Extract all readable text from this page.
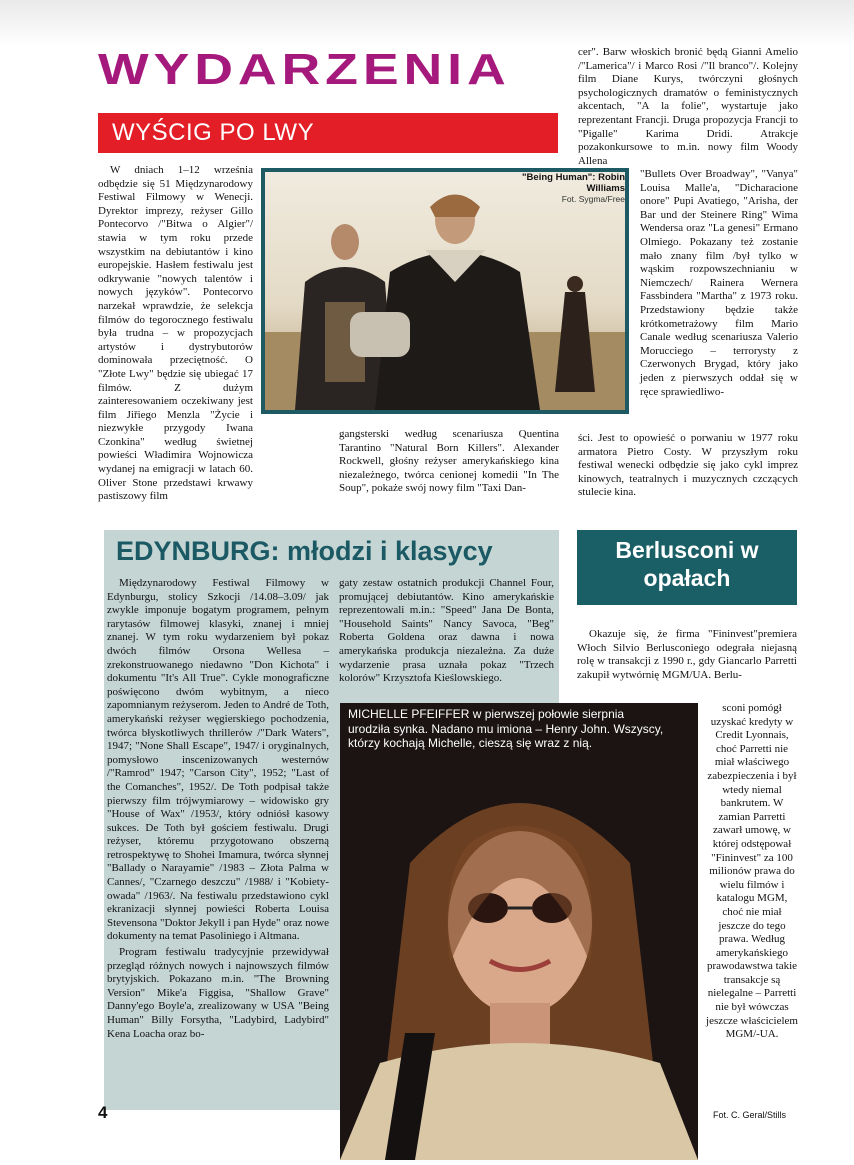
WYDARZENIA
WYŚCIG PO LWY

W dniach 1–12 września odbędzie się 51 Międzynarodowy Festiwal Filmowy w Wenecji. Dyrektor imprezy, reżyser Gillo Pontecorvo /"Bitwa o Algier"/ stawia w tym roku przede wszystkim na debiutantów i kino europejskie. Hasłem festiwalu jest odkrywanie "nowych talentów i nowych języków". Pontecorvo narzekał wprawdzie, że selekcja filmów do tegorocznego festiwalu była trudna – w propozycjach artystów i dystrybutorów dominowała przeciętność. O "Złote Lwy" będzie się ubiegać 17 filmów. Z dużym zainteresowaniem oczekiwany jest film Jiřiego Menzla "Życie i niezwykłe przygody Iwana Czonkina" według świetnej powieści Władimira Wojnowicza wydanej na emigracji w latach 60. Oliver Stone przedstawi krwawy pastiszowy film

"Being Human": Robin Williams
Fot. Sygma/Free

gangsterski według scenariusza Quentina Tarantino "Natural Born Killers". Alexander Rockwell, głośny reżyser amerykańskiego kina niezależnego, twórca cenionej komedii "In The Soup", pokaże swój nowy film "Taxi Dan-

cer". Barw włoskich bronić będą Gianni Amelio /"Lamerica"/ i Marco Rosi /"Il branco"/. Kolejny film Diane Kurys, twórczyni głośnych psychologicznych dramatów o feministycznych akcentach, "A la folie", wystartuje jako reprezentant Francji. Druga propozycja Francji to "Pigalle" Karima Dridi. Atrakcje pozakonkursowe to m.in. nowy film Woody Allena

"Bullets Over Broadway", "Vanya" Louisa Malle'a, "Dicharacione onore" Pupi Avatiego, "Arisha, der Bar und der Steinere Ring" Wima Wendersa oraz "La genesi" Ermano Olmiego. Pokazany też zostanie mało znany film /był tylko w wąskim rozpowszechnianiu w Niemczech/ Rainera Wernera Fassbindera "Martha" z 1973 roku. Przedstawiony będzie także krótkometrażowy film Mario Canale według scenariusza Valerio Morucciego – terrorysty z Czerwonych Brygad, który jako jeden z pierwszych oddał się w ręce sprawiedliwo-

ści. Jest to opowieść o porwaniu w 1977 roku armatora Pietro Costy. W przyszłym roku festiwal wenecki odbędzie się jako cykl imprez kinowych, teatralnych i muzycznych czczących stulecie kina.

EDYNBURG: młodzi i klasycy

Międzynarodowy Festiwal Filmowy w Edynburgu, stolicy Szkocji /14.08–3.09/ jak zwykle imponuje bogatym programem, pełnym rarytasów filmowej klasyki, znanej i mniej znanej. W tym roku wydarzeniem był pokaz dwóch filmów Orsona Wellesa – zrekonstruowanego niedawno "Don Kichota" i dokumentu "It's All True". Cykle monograficzne poświęcono dwóm wybitnym, a nieco zapomnianym reżyserom. Jeden to André de Toth, amerykański reżyser węgierskiego pochodzenia, twórca błyskotliwych thrillerów /"Dark Waters", 1947; "None Shall Escape", 1947/ i oryginalnych, pomysłowo inscenizowanych westernów /"Ramrod" 1947; "Carson City", 1952; "Last of the Comanches", 1952/. De Toth podpisał także pierwszy film trójwymiarowy – widowisko gry "House of Wax" /1953/, który odniósł kasowy sukces. De Toth był gościem festiwalu. Drugi reżyser, któremu przygotowano obszerną retrospektywę to Shohei Imamura, twórca słynnej "Ballady o Narayamie" /1983 – Złota Palma w Cannes/, "Czarnego deszczu" /1988/ i "Kobiety-owada" /1963/. Na festiwalu przedstawiono cykl ekranizacji słynnej powieści Roberta Louisa Stevensona "Doktor Jekyll i pan Hyde" oraz nowe dokumenty na temat Pasoliniego i Altmana.

Program festiwalu tradycyjnie przewidywał przegląd różnych nowych i najnowszych filmów brytyjskich. Pokazano m.in. "The Browning Version" Mike'a Figgisa, "Shallow Grave" Danny'ego Boyle'a, zrealizowany w USA "Being Human" Billy Forsytha, "Ladybird, Ladybird" Kena Loacha oraz bo-

gaty zestaw ostatnich produkcji Channel Four, promującej debiutantów. Kino amerykańskie reprezentowali m.in.: "Speed" Jana De Bonta, "Household Saints" Nancy Savoca, "Beg" Roberta Goldena oraz dawna i nowa amerykańska produkcja niezależna. Za duże wydarzenie prasa uznała pokaz "Trzech kolorów" Krzysztofa Kieślowskiego.

Berlusconi w opałach

Okazuje się, że firma "Fininvest"premiera Włoch Silvio Berlusconiego odegrała niejasną rolę w transakcji z 1990 r., gdy Giancarlo Parretti zakupił wytwórnię MGM/UA. Berlu-

sconi pomógł uzyskać kredyty w Credit Lyonnais, choć Parretti nie miał właściwego zabezpieczenia i był wtedy niemal bankrutem. W zamian Parretti zawarł umowę, w której odstępował "Fininvest" za 100 milionów prawa do wielu filmów i katalogu MGM, choć nie miał jeszcze do tego prawa. Według amerykańskiego prawodawstwa takie transakcje są nielegalne – Parretti nie był wówczas jeszcze właścicielem MGM/-UA.

MICHELLE PFEIFFER w pierwszej połowie sierpnia urodziła synka. Nadano mu imiona – Henry John. Wszyscy, którzy kochają Michelle, cieszą się wraz z nią.
4	Fot. C. Geral/Stills
